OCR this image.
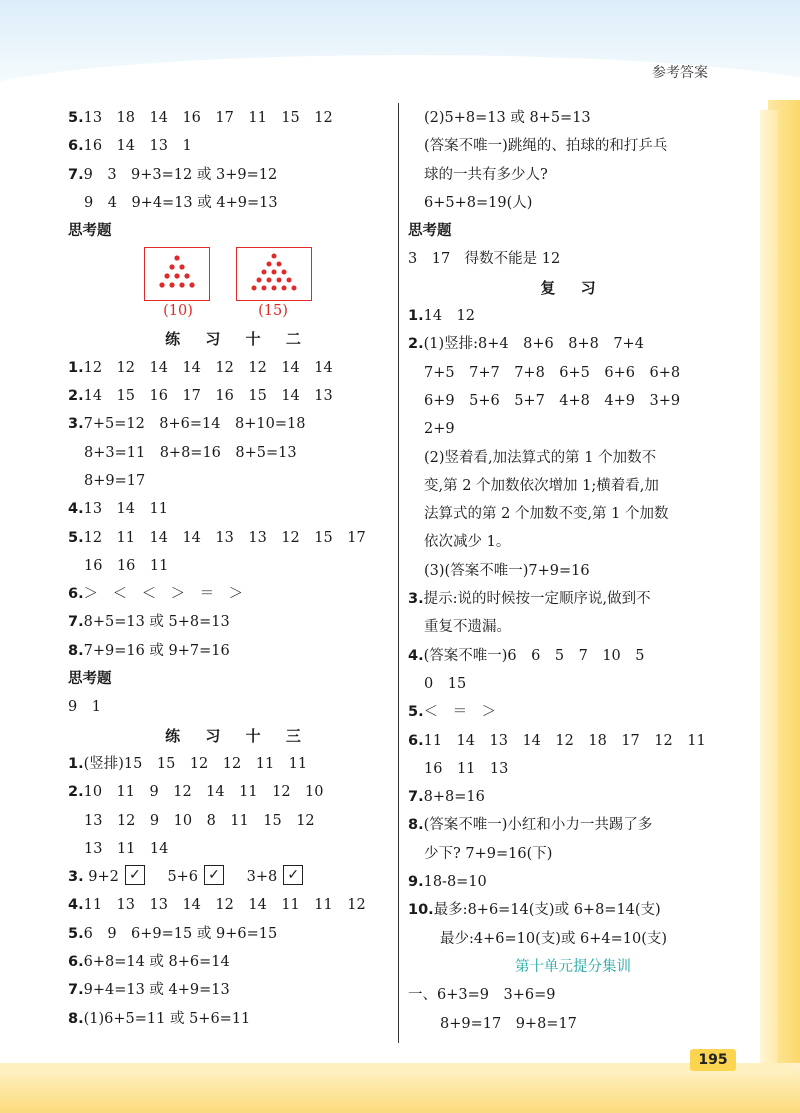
参考答案
5.13　18　14　16　17　11　15　12
6.16　14　13　1
7.9　3　9+3=12 或 3+9=12
9　4　9+4=13 或 4+9=13
思考题
(10)	(15)
练 习 十 二
1.12　12　14　14　12　12　14　14
2.14　15　16　17　16　15　14　13
3.7+5=12　8+6=14　8+10=18
8+3=11　8+8=16　8+5=13
8+9=17
4.13　14　11
5.12　11　14　14　13　13　12　15　17
16　16　11
6.＞　＜　＜　＞　＝　＞
7.8+5=13 或 5+8=13
8.7+9=16 或 9+7=16
思考题
9　1
练 习 十 三
1.(竖排)15　15　12　12　11　11
2.10　11　9　12　14　11　12　10
13　12　9　10　8　11　15　12
13　11　14
3. 9+2 ✓ 5+6 ✓ 3+8 ✓
4.11　13　13　14　12　14　11　11　12
5.6　9　6+9=15 或 9+6=15
6.6+8=14 或 8+6=14
7.9+4=13 或 4+9=13
8.(1)6+5=11 或 5+6=11
(2)5+8=13 或 8+5=13
(答案不唯一)跳绳的、拍球的和打乒乓
球的一共有多少人?
6+5+8=19(人)
思考题
3　17　得数不能是 12
复 习
1.14　12
2.(1)竖排:8+4　8+6　8+8　7+4
7+5　7+7　7+8　6+5　6+6　6+8
6+9　5+6　5+7　4+8　4+9　3+9
2+9
(2)竖着看,加法算式的第 1 个加数不
变,第 2 个加数依次增加 1;横着看,加
法算式的第 2 个加数不变,第 1 个加数
依次减少 1。
(3)(答案不唯一)7+9=16
3.提示:说的时候按一定顺序说,做到不
重复不遗漏。
4.(答案不唯一)6　6　5　7　10　5
0　15
5.＜　＝　＞
6.11　14　13　14　12　18　17　12　11
16　11　13
7.8+8=16
8.(答案不唯一)小红和小力一共踢了多
少下? 7+9=16(下)
9.18-8=10
10.最多:8+6=14(支)或 6+8=14(支)
最少:4+6=10(支)或 6+4=10(支)
第十单元提分集训
一、6+3=9　3+6=9
8+9=17　9+8=17
195
